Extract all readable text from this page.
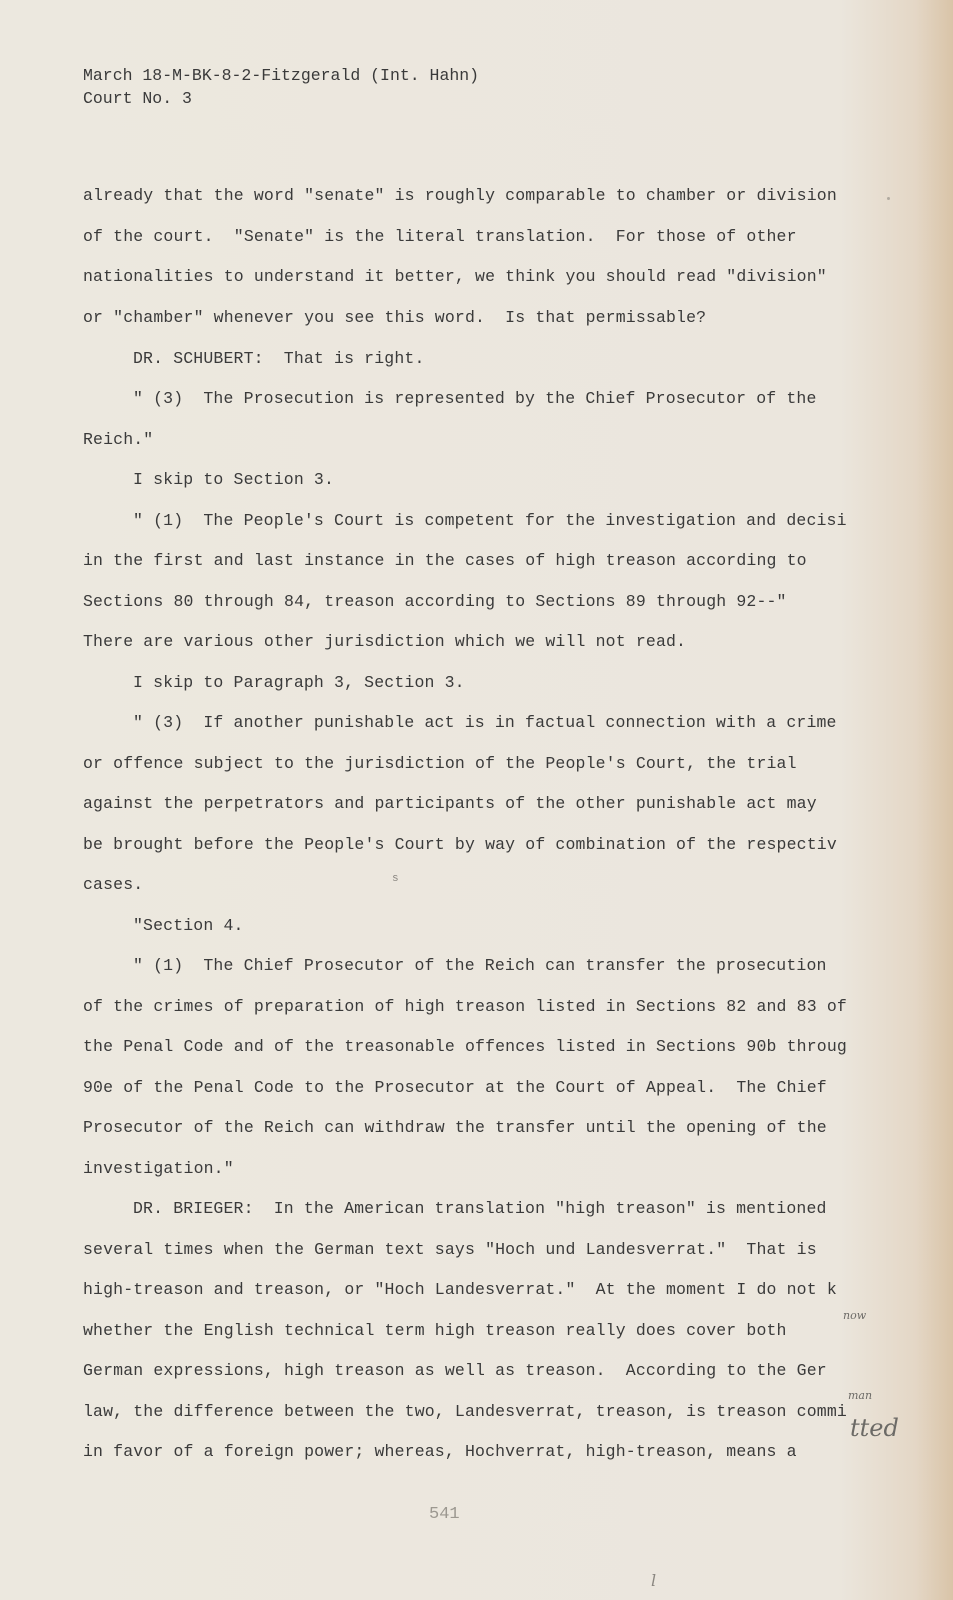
March 18-M-BK-8-2-Fitzgerald (Int. Hahn)
Court No. 3
already that the word "senate" is roughly comparable to chamber or division
of the court.  "Senate" is the literal translation.  For those of other
nationalities to understand it better, we think you should read "division"
or "chamber" whenever you see this word.  Is that permissable?
DR. SCHUBERT:  That is right.
" (3)  The Prosecution is represented by the Chief Prosecutor of the
Reich."
I skip to Section 3.
" (1)  The People's Court is competent for the investigation and decisi
in the first and last instance in the cases of high treason according to
Sections 80 through 84, treason according to Sections 89 through 92--"
There are various other jurisdiction which we will not read.
I skip to Paragraph 3, Section 3.
" (3)  If another punishable act is in factual connection with a crime
or offence subject to the jurisdiction of the People's Court, the trial
against the perpetrators and participants of the other punishable act may
be brought before the People's Court by way of combination of the respectiv
s
cases.
"Section 4.
" (1)  The Chief Prosecutor of the Reich can transfer the prosecution
of the crimes of preparation of high treason listed in Sections 82 and 83 of
the Penal Code and of the treasonable offences listed in Sections 90b throug
90e of the Penal Code to the Prosecutor at the Court of Appeal.  The Chief
Prosecutor of the Reich can withdraw the transfer until the opening of the
investigation."
DR. BRIEGER:  In the American translation "high treason" is mentioned
several times when the German text says "Hoch und Landesverrat."  That is
high-treason and treason, or "Hoch Landesverrat."  At the moment I do not k
now
whether the English technical term high treason really does cover both
German expressions, high treason as well as treason.  According to the Ger
man
law, the difference between the two, Landesverrat, treason, is treason commi
tted
in favor of a foreign power; whereas, Hochverrat, high-treason, means a
541
l
